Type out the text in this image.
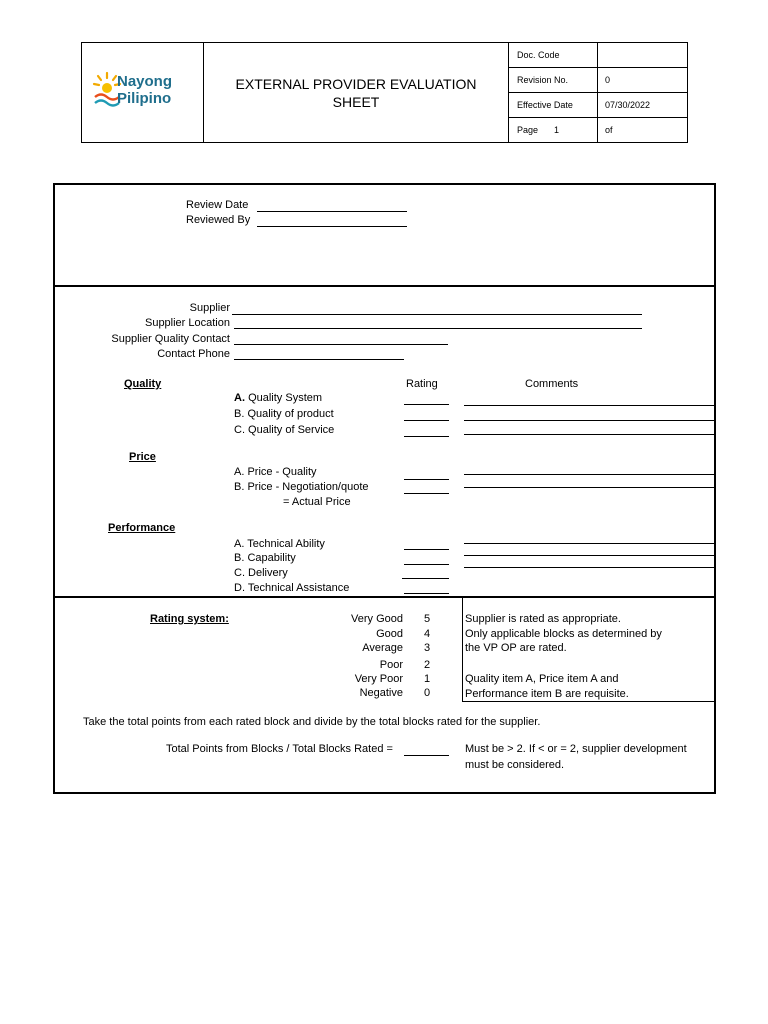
Nayong
Pilipino
EXTERNAL PROVIDER EVALUATION
SHEET
Doc. Code
Revision No.	0
Effective Date	07/30/2022
Page 1	of
Review Date
Reviewed By
Supplier
Supplier Location
Supplier Quality Contact
Contact Phone
Rating	Comments
Quality
A. Quality System
B. Quality of product
C. Quality of Service
Price
A. Price - Quality
B. Price - Negotiation/quote
= Actual Price
Performance
A. Technical Ability
B. Capability
C. Delivery
D. Technical Assistance
Rating system:	Very Good 5
Good 4
Average 3
Poor 2
Very Poor 1
Negative 0
Supplier is rated as appropriate.
Only applicable blocks as determined by
the VP OP are rated.
Quality item A, Price item A and
Performance item B are requisite.
Take the total points from each rated block and divide by the total blocks rated for the supplier.
Total Points from Blocks / Total Blocks Rated =	Must be > 2. If < or = 2, supplier development
must be considered.
